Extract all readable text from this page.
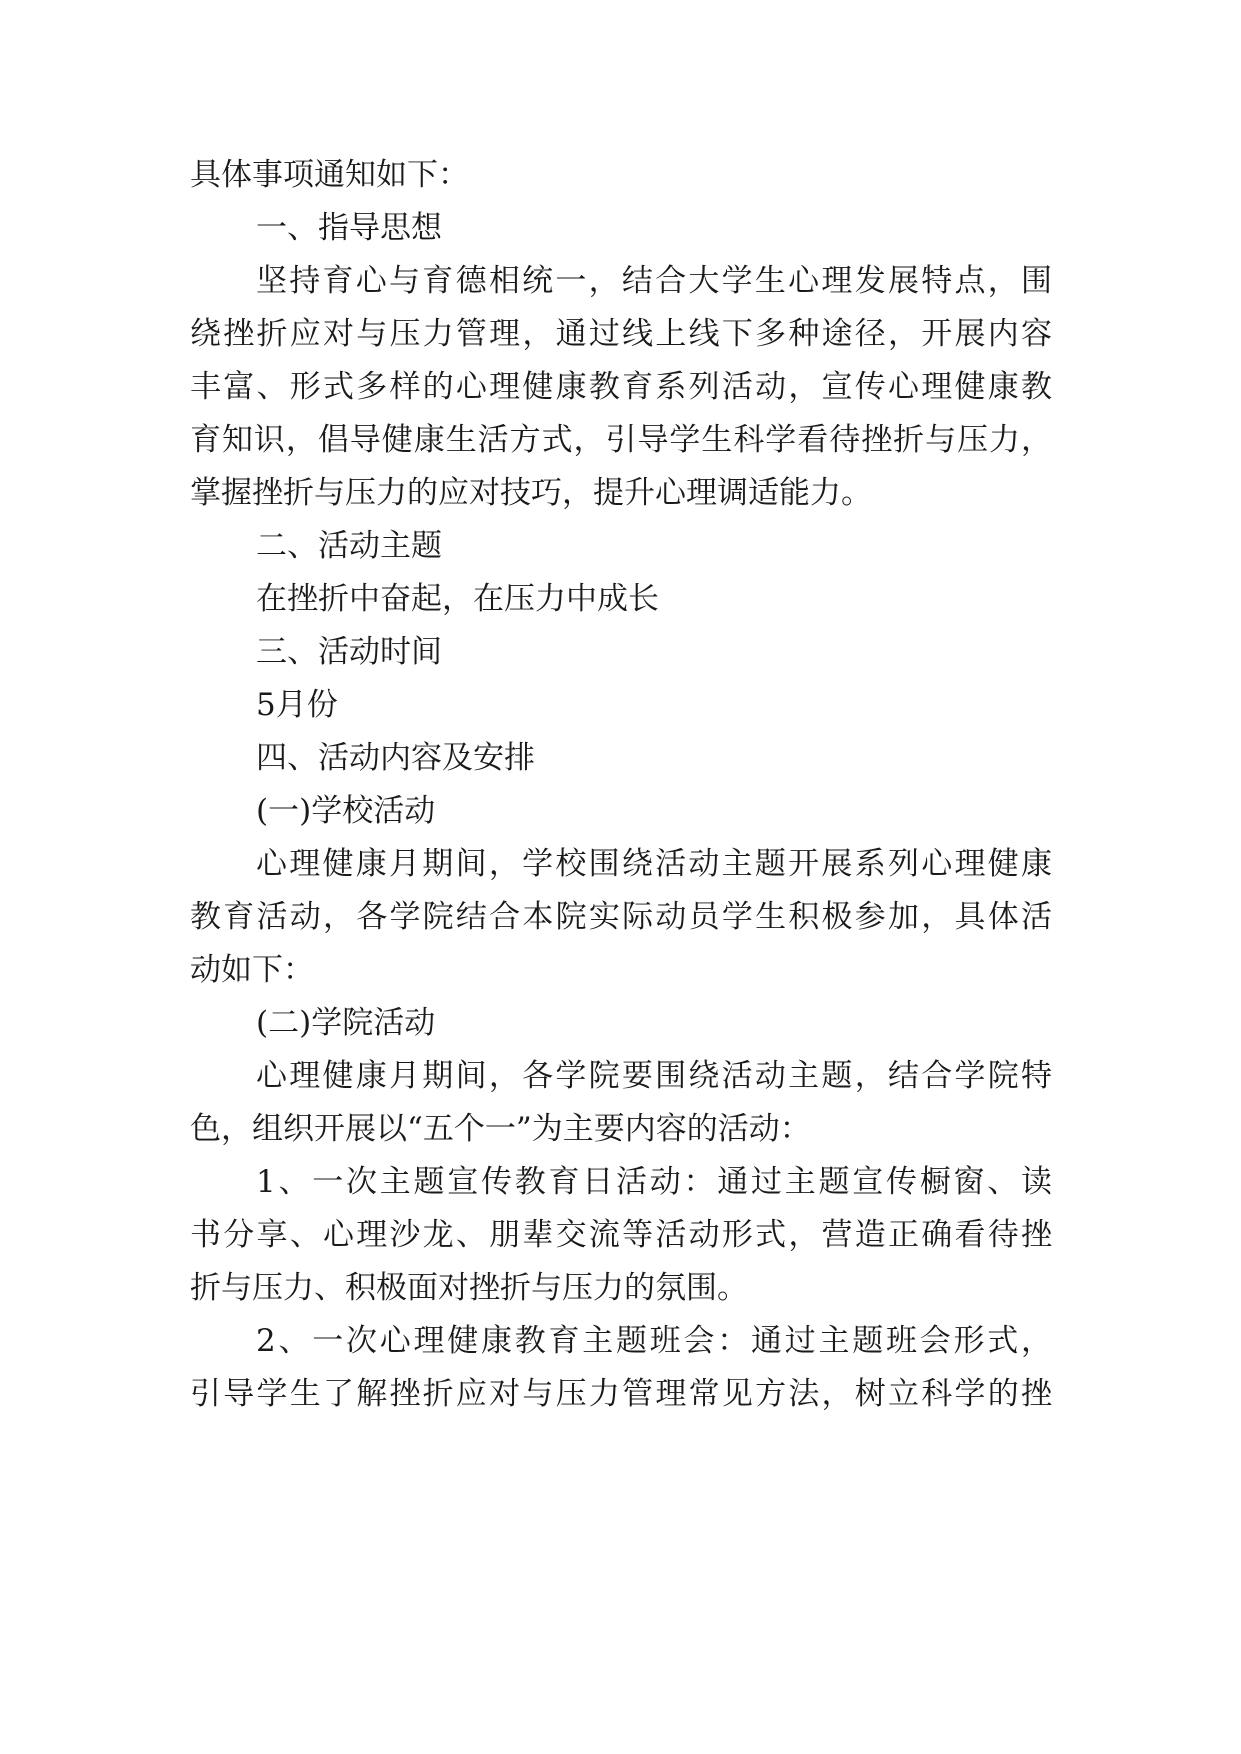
具体事项通知如下：
一、指导思想
坚持育心与育德相统一，结合大学生心理发展特点，围
绕挫折应对与压力管理，通过线上线下多种途径，开展内容
丰富、形式多样的心理健康教育系列活动，宣传心理健康教
育知识，倡导健康生活方式，引导学生科学看待挫折与压力，
掌握挫折与压力的应对技巧，提升心理调适能力。
二、活动主题
在挫折中奋起，在压力中成长
三、活动时间
5月份
四、活动内容及安排
(一)学校活动
心理健康月期间，学校围绕活动主题开展系列心理健康
教育活动，各学院结合本院实际动员学生积极参加，具体活
动如下：
(二)学院活动
心理健康月期间，各学院要围绕活动主题，结合学院特
色，组织开展以“五个一”为主要内容的活动：
1、一次主题宣传教育日活动：通过主题宣传橱窗、读
书分享、心理沙龙、朋辈交流等活动形式，营造正确看待挫
折与压力、积极面对挫折与压力的氛围。
2、一次心理健康教育主题班会：通过主题班会形式，
引导学生了解挫折应对与压力管理常见方法，树立科学的挫
